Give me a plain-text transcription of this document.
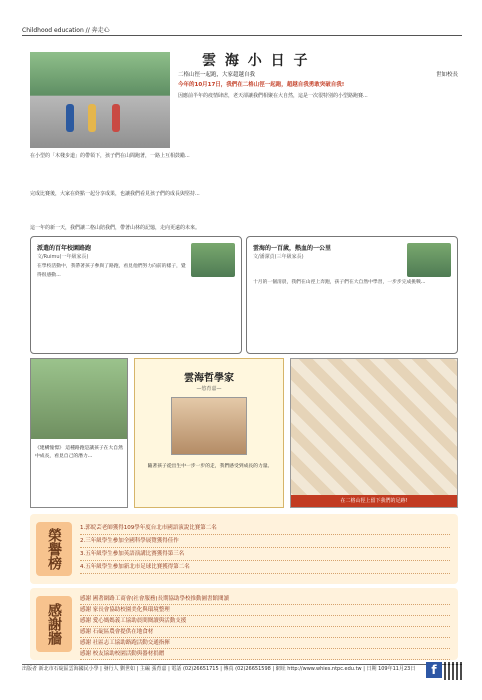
Childhood education // 奔走心
雲 海 小 日 子
二格山徑一起跑，大家超越自我	世如校長
今年的10月17日，我們在二格山徑一起跑，超越自我勇敢突破自我!
因應前半年的疫情肆虐，老天卻讓我們相聚在大自然，這是一次很特別的小型路跑賽...
在小型的「木棧步道」的帶領下，孩子們在山間跑著，一路上互相鼓勵...
完成比賽後，大家在終點一起分享成果，也讓我們看見孩子們的成長與堅持...
這一年的新一天，我們讓二格山陪我們，帶著山林的記憶，走向更遠的未來。
派遣的百年校園路跑
文/Ruimu(一年級家長)
在學校活動中，我帶著孩子參與了路跑，看見他們努力向前的樣子，覺得很感動...
雲海的一百歲，熱血的一公里
文/潘潔貞(三年級家長)
十月的一個清晨，我們在山徑上奔跑，孩子們在大自然中學習，一步步完成挑戰...
《建構憧憬》 這種路跑是讓孩子在大自然中成長，看見自己的潛力...
雲海哲學家
—悠育嘉—
隨著孩子從出生中一步一步的走，我們感受到成長的力量。
在二格山徑上留下我們的足跡!
榮譽榜	1.郭皖芸老師獲得109學年度台北市國語演說比賽第二名
2.三年級學生參加全國科學展覽獲得佳作
3.五年級學生參加英語演講比賽獲得第三名
4.五年級學生參加新北市足球比賽獲得第二名
感謝牆
感謝 國著網路工商會(社會服務)長期協助學校推動圖書館閱讀
感謝 家長會協助校園美化與環境整理
感謝 愛心媽媽義工協助晨間閱讀與活動支援
感謝 石碇區農會提供在地食材
感謝 社區志工協助路跑活動交通指揮
感謝 校友協助校園活動與器材捐贈
出版者 新北市石碇區雲海國民小學 | 發行人 劉世如 | 主編 張育嘉 | 電話 (02)26651715 | 傳真 (02)26651598 | 網址 http://www.whies.ntpc.edu.tw | 日期 109年11月23日	f
